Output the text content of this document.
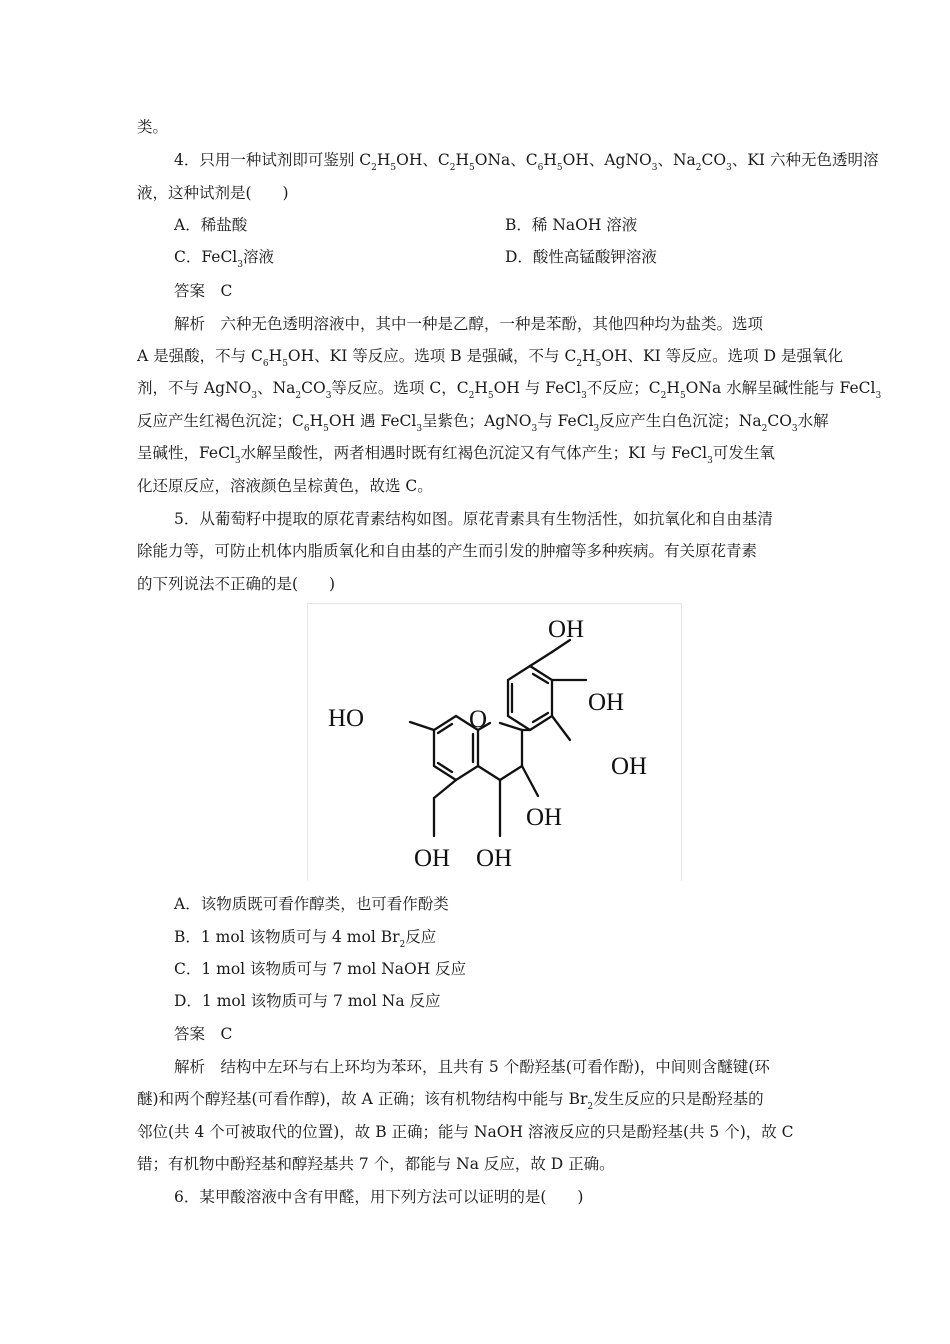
类。
4．只用一种试剂即可鉴别 $C_2H_5OH$、$C_2H_5ONa$、$C_6H_5OH$、AgNO$_3$、$Na_2CO_3$、KI 六种无色透明溶
液，这种试剂是(　　)
A．稀盐酸	B．稀 NaOH 溶液
C．FeCl$_3$溶液	D．酸性高锰酸钾溶液
答案　C
解析　六种无色透明溶液中，其中一种是乙醇，一种是苯酚，其他四种均为盐类。选项
A 是强酸，不与 $C_6H_5OH$、KI 等反应。选项 B 是强碱，不与 $C_2H_5OH$、KI 等反应。选项 D 是强氧化
剂，不与 AgNO$_3$、$Na_2CO_3$等反应。选项 C，$C_2H_5OH$ 与 FeCl$_3$不反应；$C_2H_5ONa$ 水解呈碱性能与 FeCl$_3$
反应产生红褐色沉淀；$C_6H_5OH$ 遇 FeCl$_3$呈紫色；AgNO$_3$与 FeCl$_3$反应产生白色沉淀；$Na_2CO_3$水解
呈碱性，FeCl$_3$水解呈酸性，两者相遇时既有红褐色沉淀又有气体产生；KI 与 FeCl$_3$可发生氧
化还原反应，溶液颜色呈棕黄色，故选 C。
5．从葡萄籽中提取的原花青素结构如图。原花青素具有生物活性，如抗氧化和自由基清
除能力等，可防止机体内脂质氧化和自由基的产生而引发的肿瘤等多种疾病。有关原花青素
的下列说法不正确的是(　　)
OH
OH
OH
HO	O
OH
OH OH
A．该物质既可看作醇类，也可看作酚类
B．1 mol 该物质可与 4 mol $Br_2$反应
C．1 mol 该物质可与 7 mol NaOH 反应
D．1 mol 该物质可与 7 mol Na 反应
答案　C
解析　结构中左环与右上环均为苯环，且共有 5 个酚羟基(可看作酚)，中间则含醚键(环
醚)和两个醇羟基(可看作醇)，故 A 正确；该有机物结构中能与 $Br_2$发生反应的只是酚羟基的
邻位(共 4 个可被取代的位置)，故 B 正确；能与 NaOH 溶液反应的只是酚羟基(共 5 个)，故 C
错；有机物中酚羟基和醇羟基共 7 个，都能与 Na 反应，故 D 正确。
6．某甲酸溶液中含有甲醛，用下列方法可以证明的是(　　)
